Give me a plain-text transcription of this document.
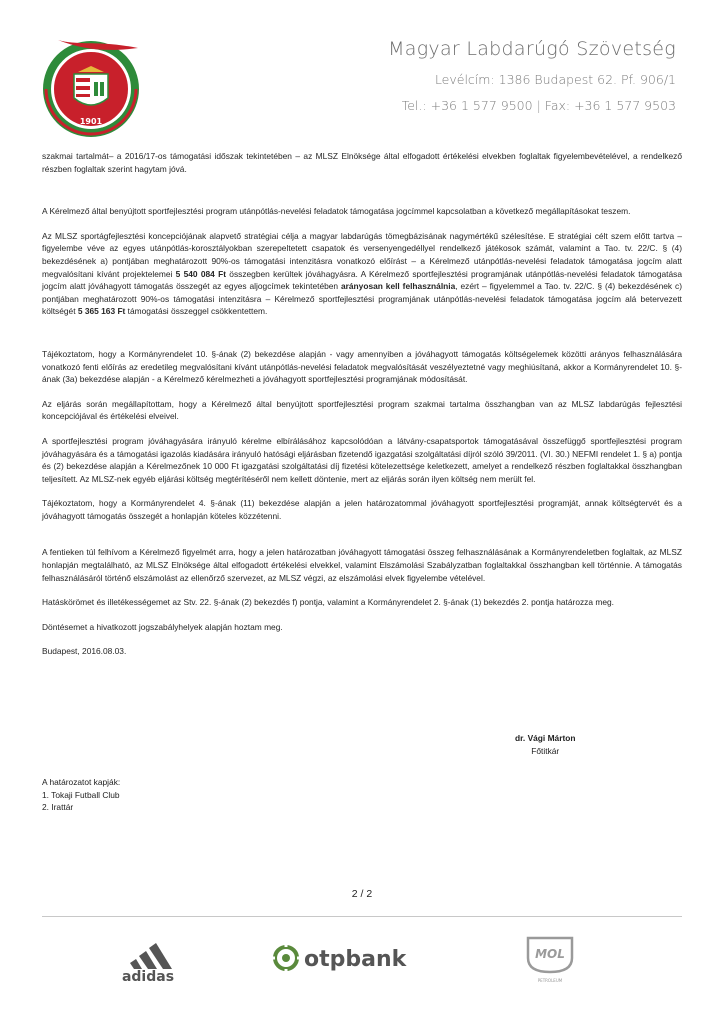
1901
Magyar Labdarúgó Szövetség
Levélcím: 1386 Budapest 62. Pf. 906/1
Tel.: +36 1 577 9500 | Fax: +36 1 577 9503

szakmai tartalmát– a 2016/17-os támogatási időszak tekintetében – az MLSZ Elnöksége által elfogadott értékelési elvekben foglaltak figyelembevételével, a rendelkező részben foglaltak szerint hagytam jóvá.

A Kérelmező által benyújtott sportfejlesztési program utánpótlás-nevelési feladatok támogatása jogcímmel kapcsolatban a következő megállapításokat teszem.

Az MLSZ sportágfejlesztési koncepciójának alapvető stratégiai célja a magyar labdarúgás tömegbázisának nagymértékű szélesítése. E stratégiai célt szem előtt tartva – figyelembe véve az egyes utánpótlás-korosztályokban szerepeltetett csapatok és versenyengedéllyel rendelkező játékosok számát, valamint a Tao. tv. 22/C. § (4) bekezdésének a) pontjában meghatározott 90%-os támogatási intenzitásra vonatkozó előírást – a Kérelmező utánpótlás-nevelési feladatok támogatása jogcím alatt megvalósítani kívánt projektelemei 5 540 084 Ft összegben kerültek jóváhagyásra. A Kérelmező sportfejlesztési programjának utánpótlás-nevelési feladatok támogatása jogcím alatt jóváhagyott támogatás összegét az egyes aljogcímek tekintetében arányosan kell felhasználnia, ezért – figyelemmel a Tao. tv. 22/C. § (4) bekezdésének c) pontjában meghatározott 90%-os támogatási intenzitásra – Kérelmező sportfejlesztési programjának utánpótlás-nevelési feladatok támogatása jogcím alá betervezett költségét 5 365 163 Ft támogatási összeggel csökkentettem.

Tájékoztatom, hogy a Kormányrendelet 10. §-ának (2) bekezdése alapján - vagy amennyiben a jóváhagyott támogatás költségelemek közötti arányos felhasználására vonatkozó fenti előírás az eredetileg megvalósítani kívánt utánpótlás-nevelési feladatok megvalósítását veszélyeztetné vagy meghiúsítaná, akkor a Kormányrendelet 10. §-ának (3a) bekezdése alapján - a Kérelmező kérelmezheti a jóváhagyott sportfejlesztési programjának módosítását.

Az eljárás során megállapítottam, hogy a Kérelmező által benyújtott sportfejlesztési program szakmai tartalma összhangban van az MLSZ labdarúgás fejlesztési koncepciójával és értékelési elveivel.

A sportfejlesztési program jóváhagyására irányuló kérelme elbírálásához kapcsolódóan a látvány-csapatsportok támogatásával összefüggő sportfejlesztési program jóváhagyására és a támogatási igazolás kiadására irányuló hatósági eljárásban fizetendő igazgatási szolgáltatási díjról szóló 39/2011. (VI. 30.) NEFMI rendelet 1. § a) pontja és (2) bekezdése alapján a Kérelmezőnek 10 000 Ft igazgatási szolgáltatási díj fizetési kötelezettsége keletkezett, amelyet a rendelkező részben foglaltakkal összhangban teljesített. Az MLSZ-nek egyéb eljárási költség megtérítéséről nem kellett döntenie, mert az eljárás során ilyen költség nem merült fel.

Tájékoztatom, hogy a Kormányrendelet 4. §-ának (11) bekezdése alapján a jelen határozatommal jóváhagyott sportfejlesztési programját, annak költségtervét és a jóváhagyott támogatás összegét a honlapján köteles közzétenni.

A fentieken túl felhívom a Kérelmező figyelmét arra, hogy a jelen határozatban jóváhagyott támogatási összeg felhasználásának a Kormányrendeletben foglaltak, az MLSZ honlapján megtalálható, az MLSZ Elnöksége által elfogadott értékelési elvekkel, valamint Elszámolási Szabályzatban foglaltakkal összhangban kell történnie. A támogatás felhasználásáról történő elszámolást az ellenőrző szervezet, az MLSZ végzi, az elszámolási elvek figyelembe vételével.

Hatáskörömet és illetékességemet az Stv. 22. §-ának (2) bekezdés f) pontja, valamint a Kormányrendelet 2. §-ának (1) bekezdés 2. pontja határozza meg.

Döntésemet a hivatkozott jogszabályhelyek alapján hoztam meg.

Budapest, 2016.08.03.

dr. Vági Márton
Főtitkár
A határozatot kapják:
1. Tokaji Futball Club
2. Irattár
2 / 2
adidas
otpbank	MOL
PETROLEUM
